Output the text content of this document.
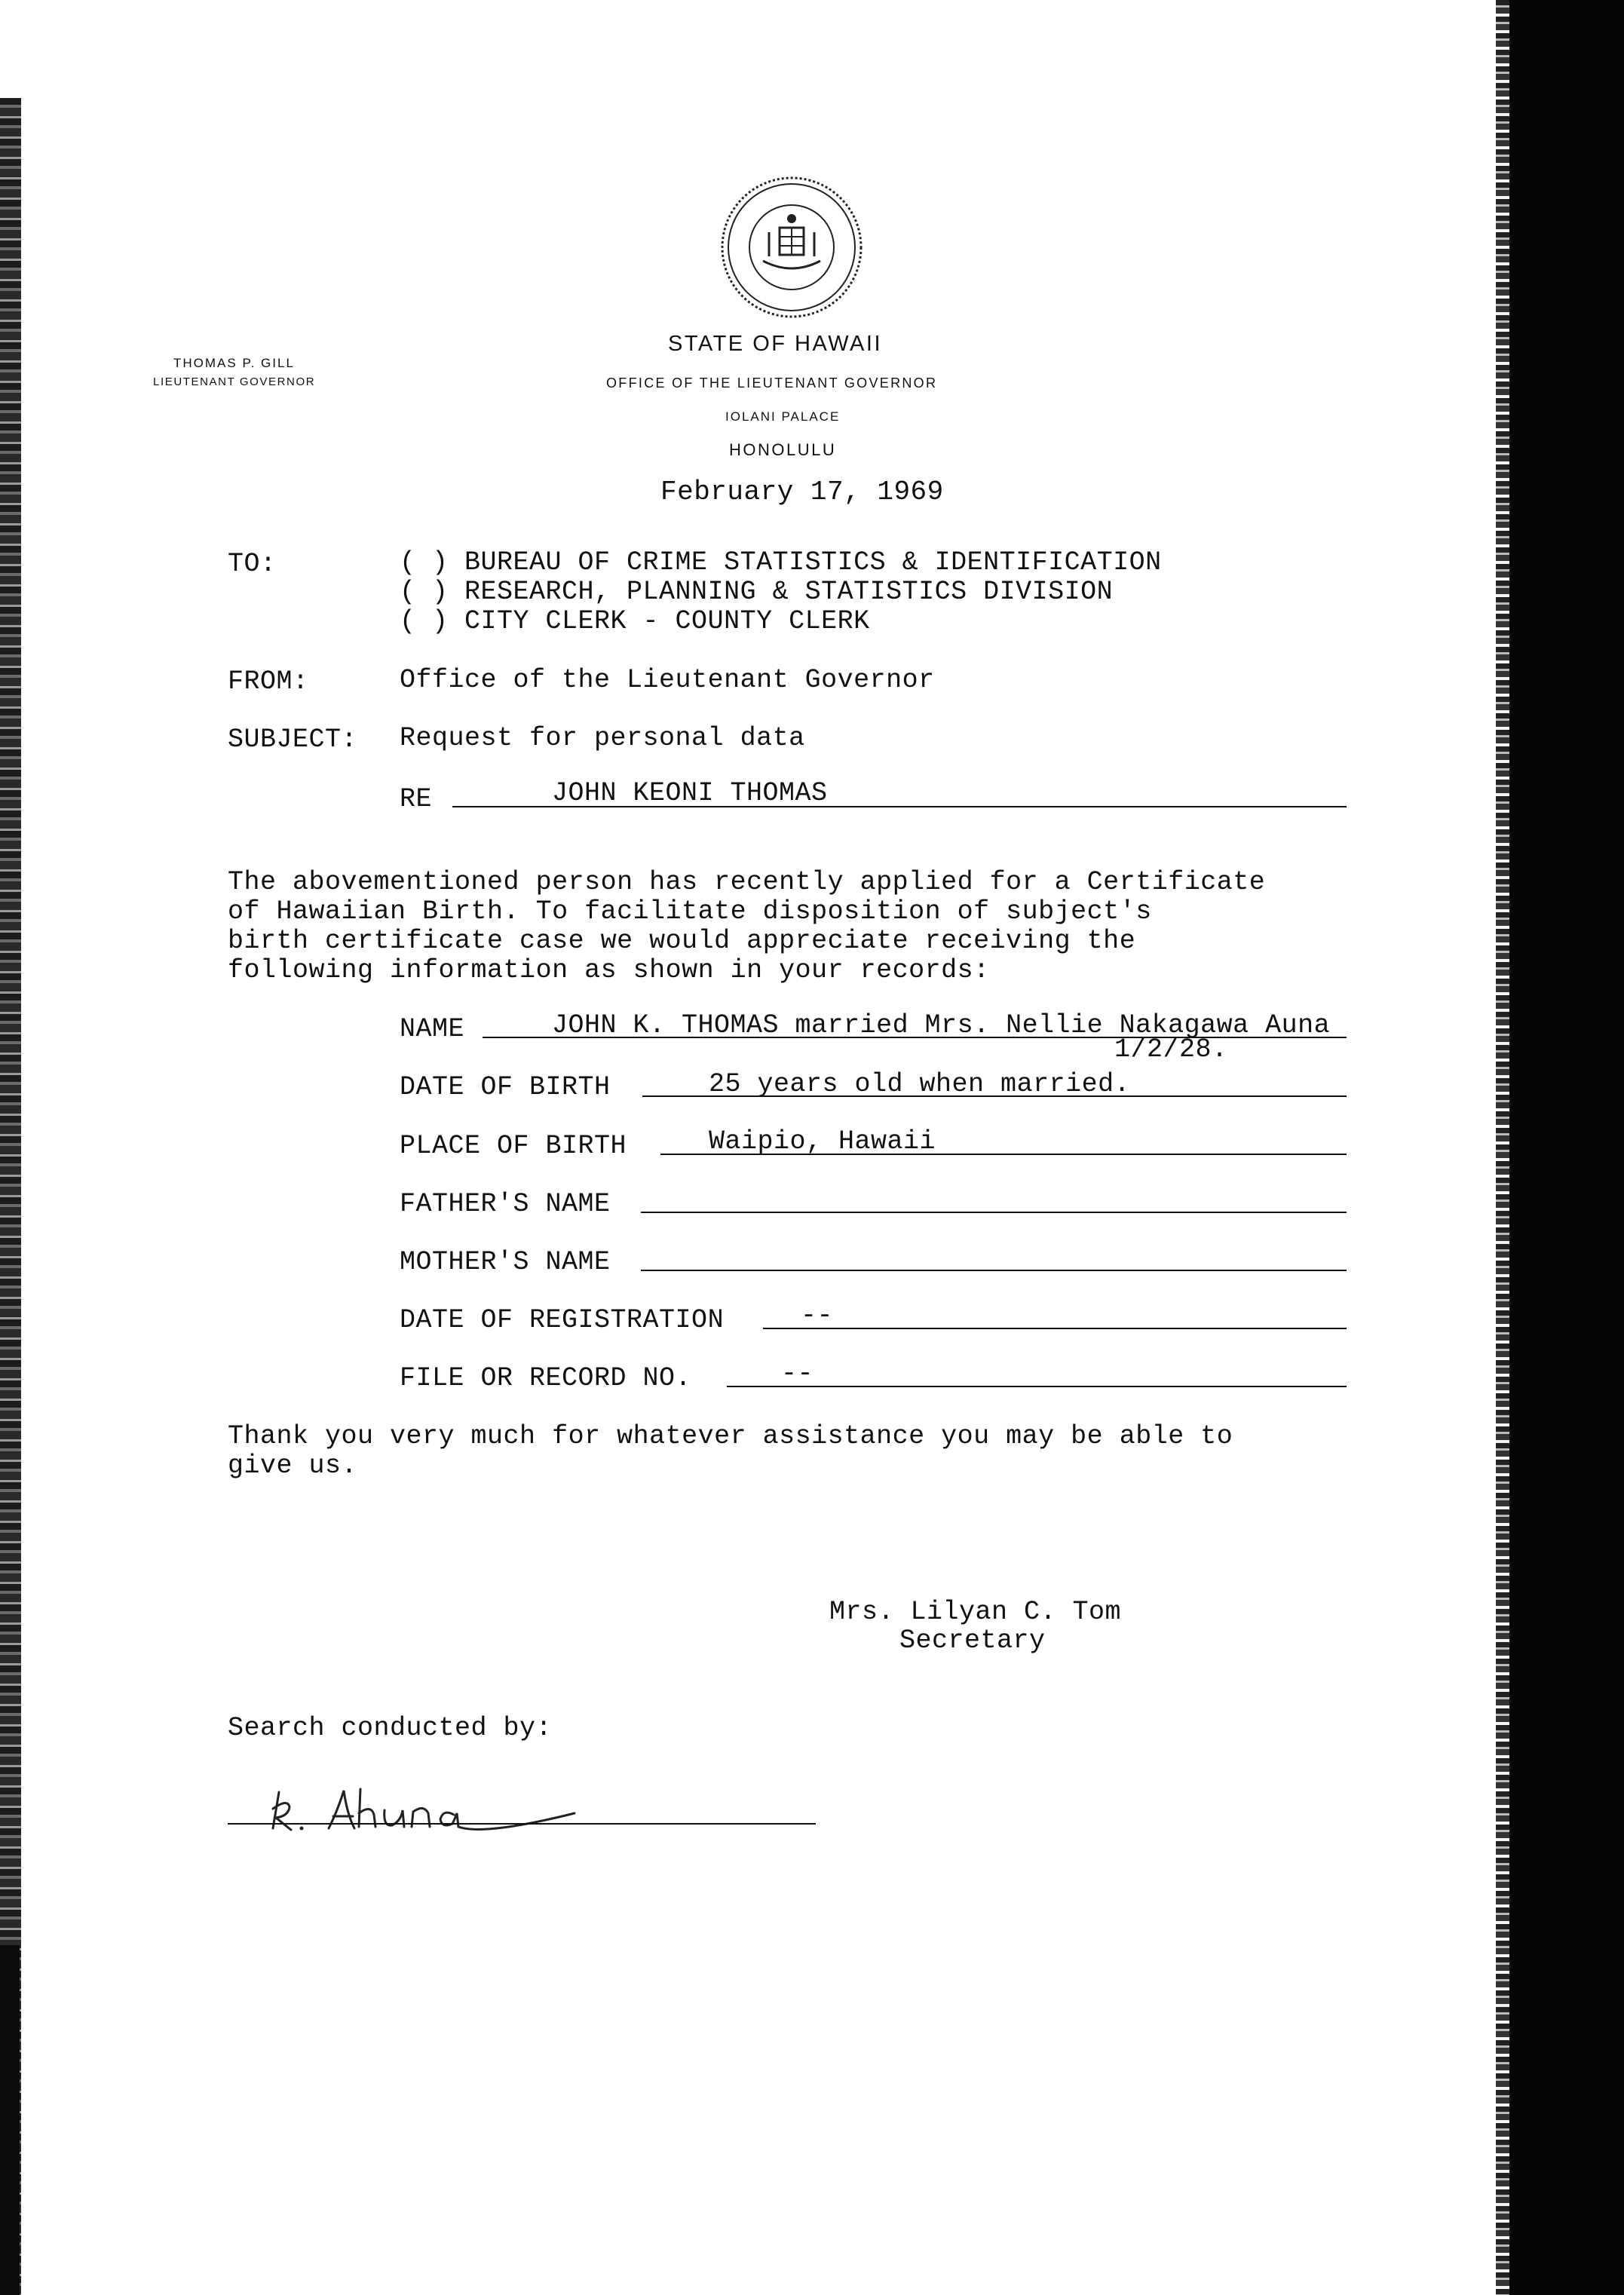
THOMAS P. GILL
LIEUTENANT GOVERNOR
STATE OF HAWAII
OFFICE OF THE LIEUTENANT GOVERNOR
IOLANI PALACE
HONOLULU
February 17, 1969
TO:	( ) BUREAU OF CRIME STATISTICS & IDENTIFICATION
( ) RESEARCH, PLANNING & STATISTICS DIVISION
( ) CITY CLERK - COUNTY CLERK
FROM:	Office of the Lieutenant Governor
SUBJECT: Request for personal data
RE	JOHN KEONI THOMAS
The abovementioned person has recently applied for a Certificate
of Hawaiian Birth. To facilitate disposition of subject's
birth certificate case we would appreciate receiving the
following information as shown in your records:
NAME	JOHN K. THOMAS married Mrs. Nellie Nakagawa Auna
1/2/28.
DATE OF BIRTH	25 years old when married.
PLACE OF BIRTH	Waipio, Hawaii
FATHER'S NAME
MOTHER'S NAME
DATE OF REGISTRATION	--
FILE OR RECORD NO.	--
Thank you very much for whatever assistance you may be able to
give us.
Mrs. Lilyan C. Tom
Secretary
Search conducted by:
